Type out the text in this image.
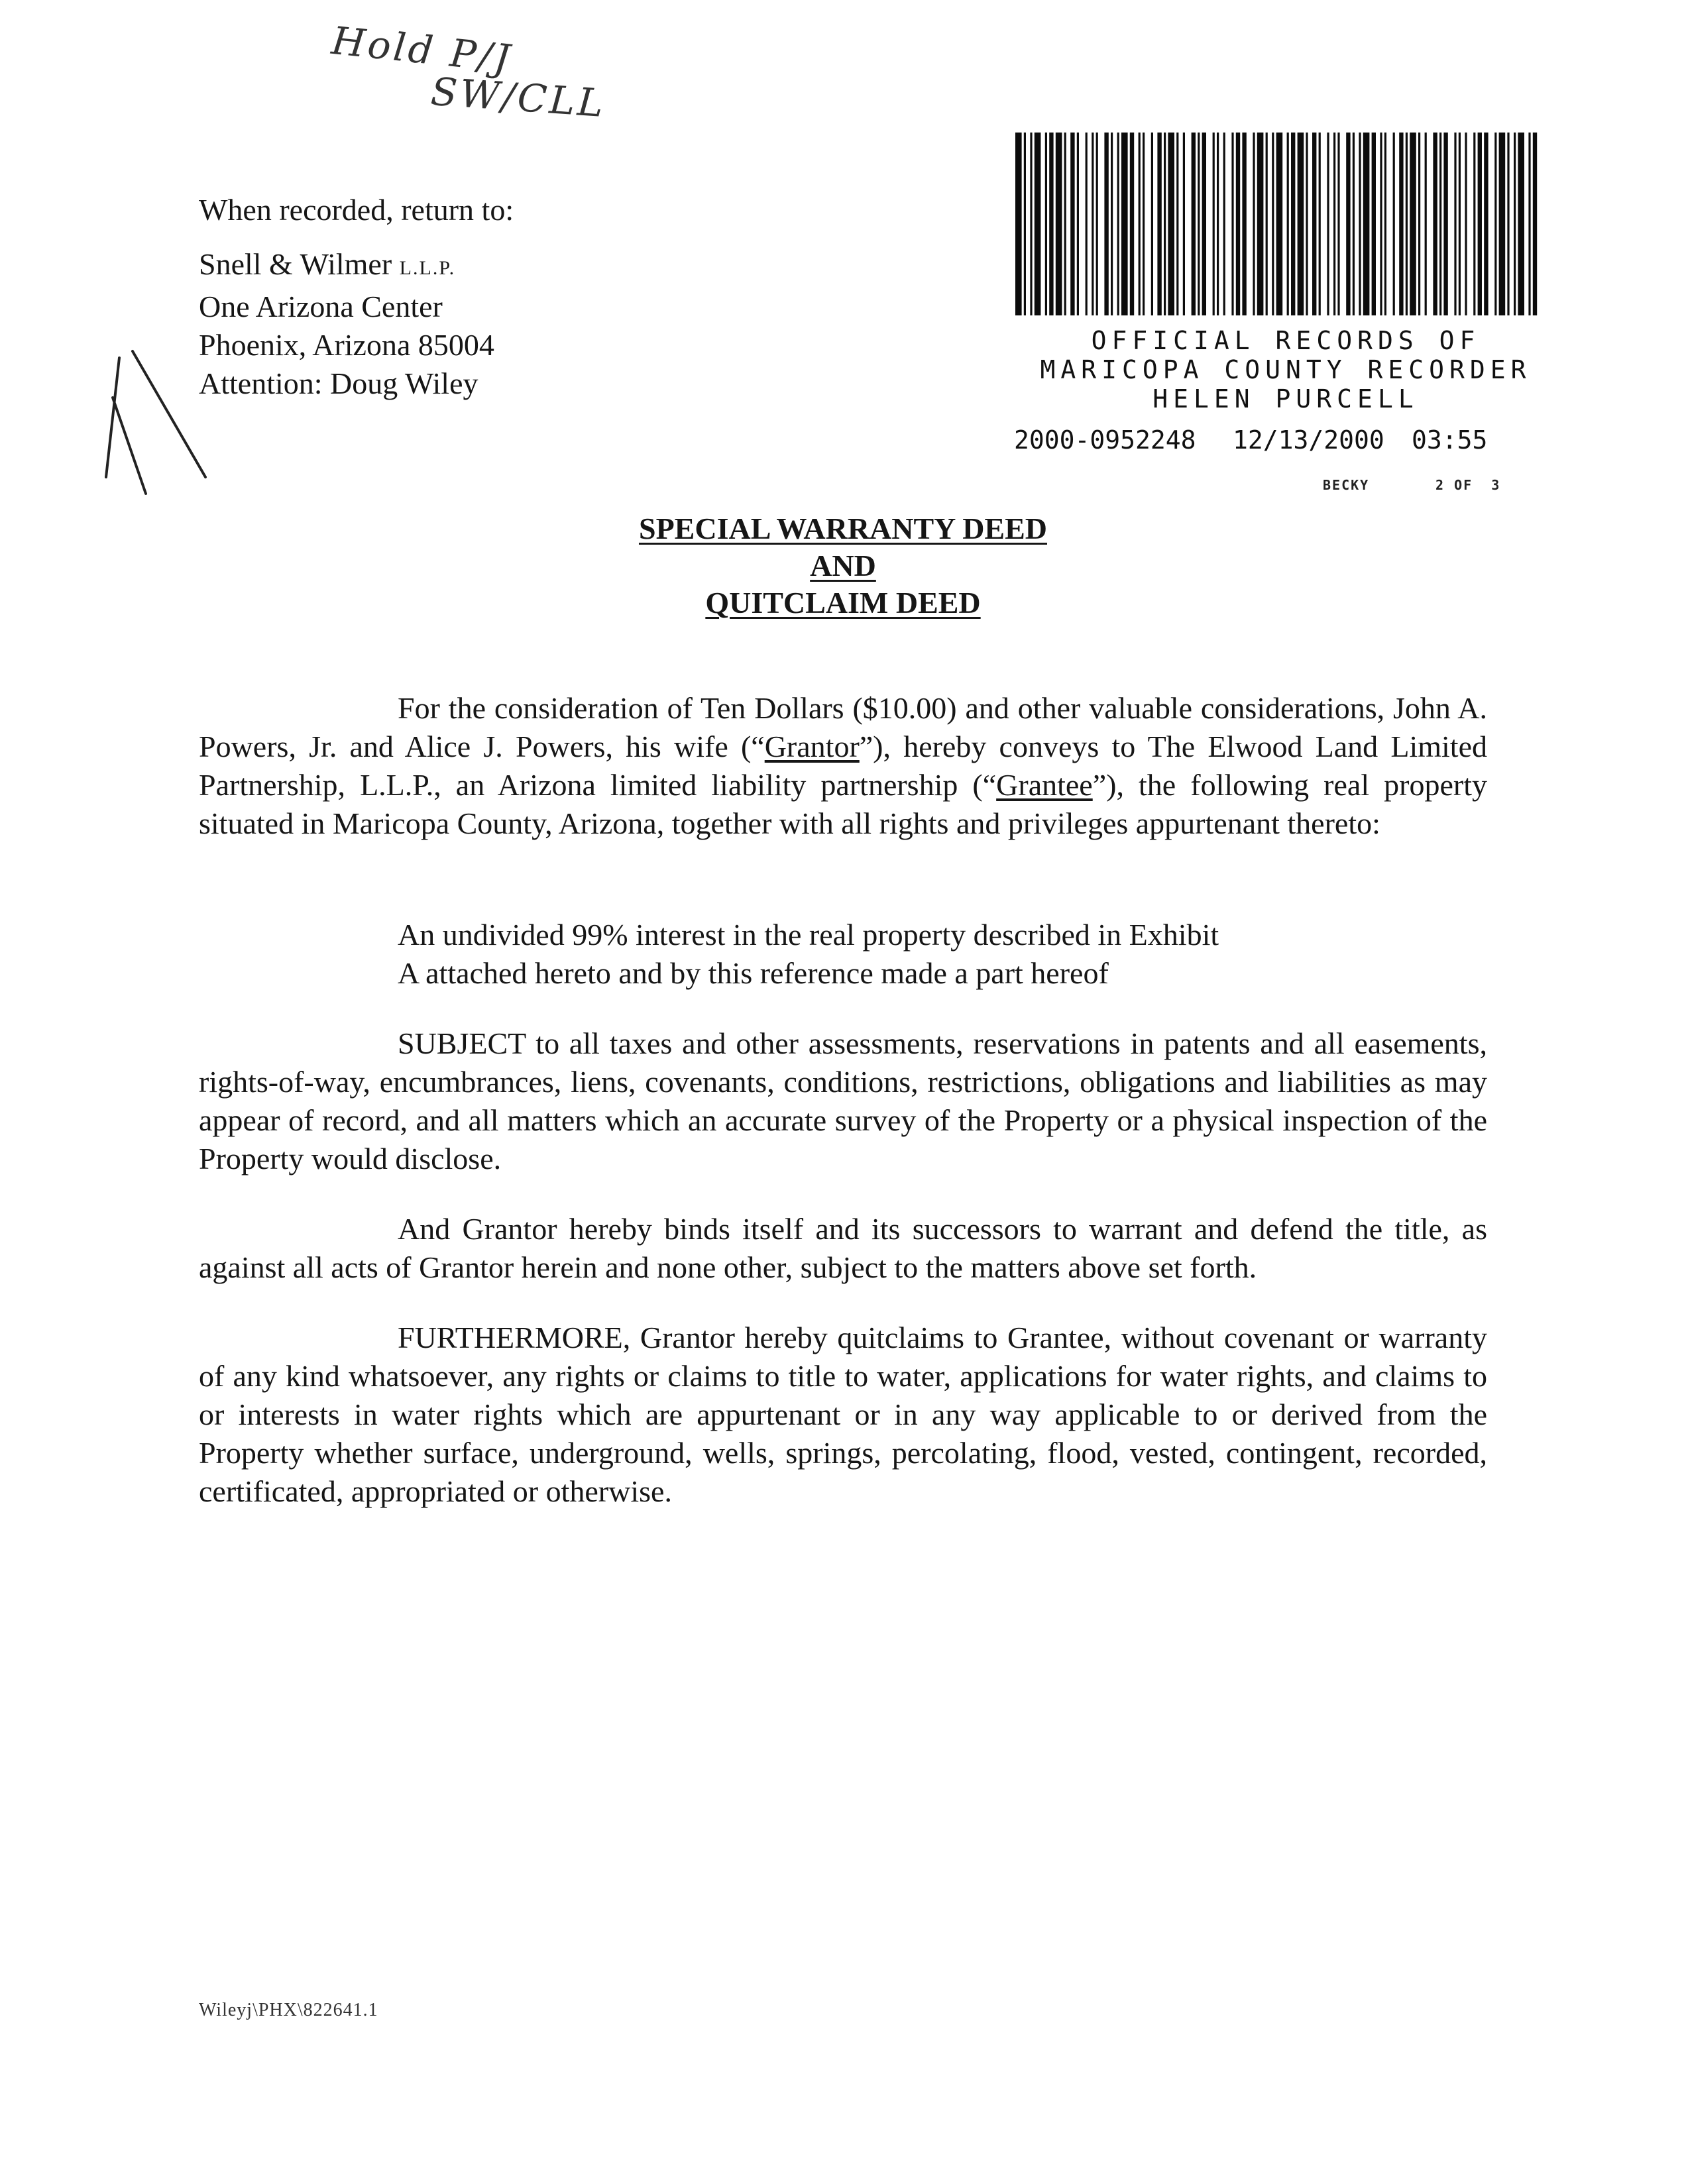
Hold P/J
SW/CLL
When recorded, return to:
Snell & Wilmer L.L.P.
One Arizona Center
Phoenix, Arizona 85004
Attention: Doug Wiley
OFFICIAL RECORDS OF
MARICOPA COUNTY RECORDER
HELEN PURCELL
2000-0952248 12/13/2000 03:55
BECKY	2 OF  3
SPECIAL WARRANTY DEED
AND
QUITCLAIM DEED
For the consideration of Ten Dollars ($10.00) and other valuable considerations, John A. Powers, Jr. and Alice J. Powers, his wife (“Grantor”), hereby conveys to The Elwood Land Limited Partnership, L.L.P., an Arizona limited liability partnership (“Grantee”), the following real property situated in Maricopa County, Arizona, together with all rights and privileges appurtenant thereto:
An undivided 99% interest in the real property described in Exhibit
A attached hereto and by this reference made a part hereof
SUBJECT to all taxes and other assessments, reservations in patents and all easements, rights-of-way, encumbrances, liens, covenants, conditions, restrictions, obligations and liabilities as may appear of record, and all matters which an accurate survey of the Property or a physical inspection of the Property would disclose.
And Grantor hereby binds itself and its successors to warrant and defend the title, as against all acts of Grantor herein and none other, subject to the matters above set forth.
FURTHERMORE, Grantor hereby quitclaims to Grantee, without covenant or warranty of any kind whatsoever, any rights or claims to title to water, applications for water rights, and claims to or interests in water rights which are appurtenant or in any way applicable to or derived from the Property whether surface, underground, wells, springs, percolating, flood, vested, contingent, recorded, certificated, appropriated or otherwise.
Wileyj\PHX\822641.1
